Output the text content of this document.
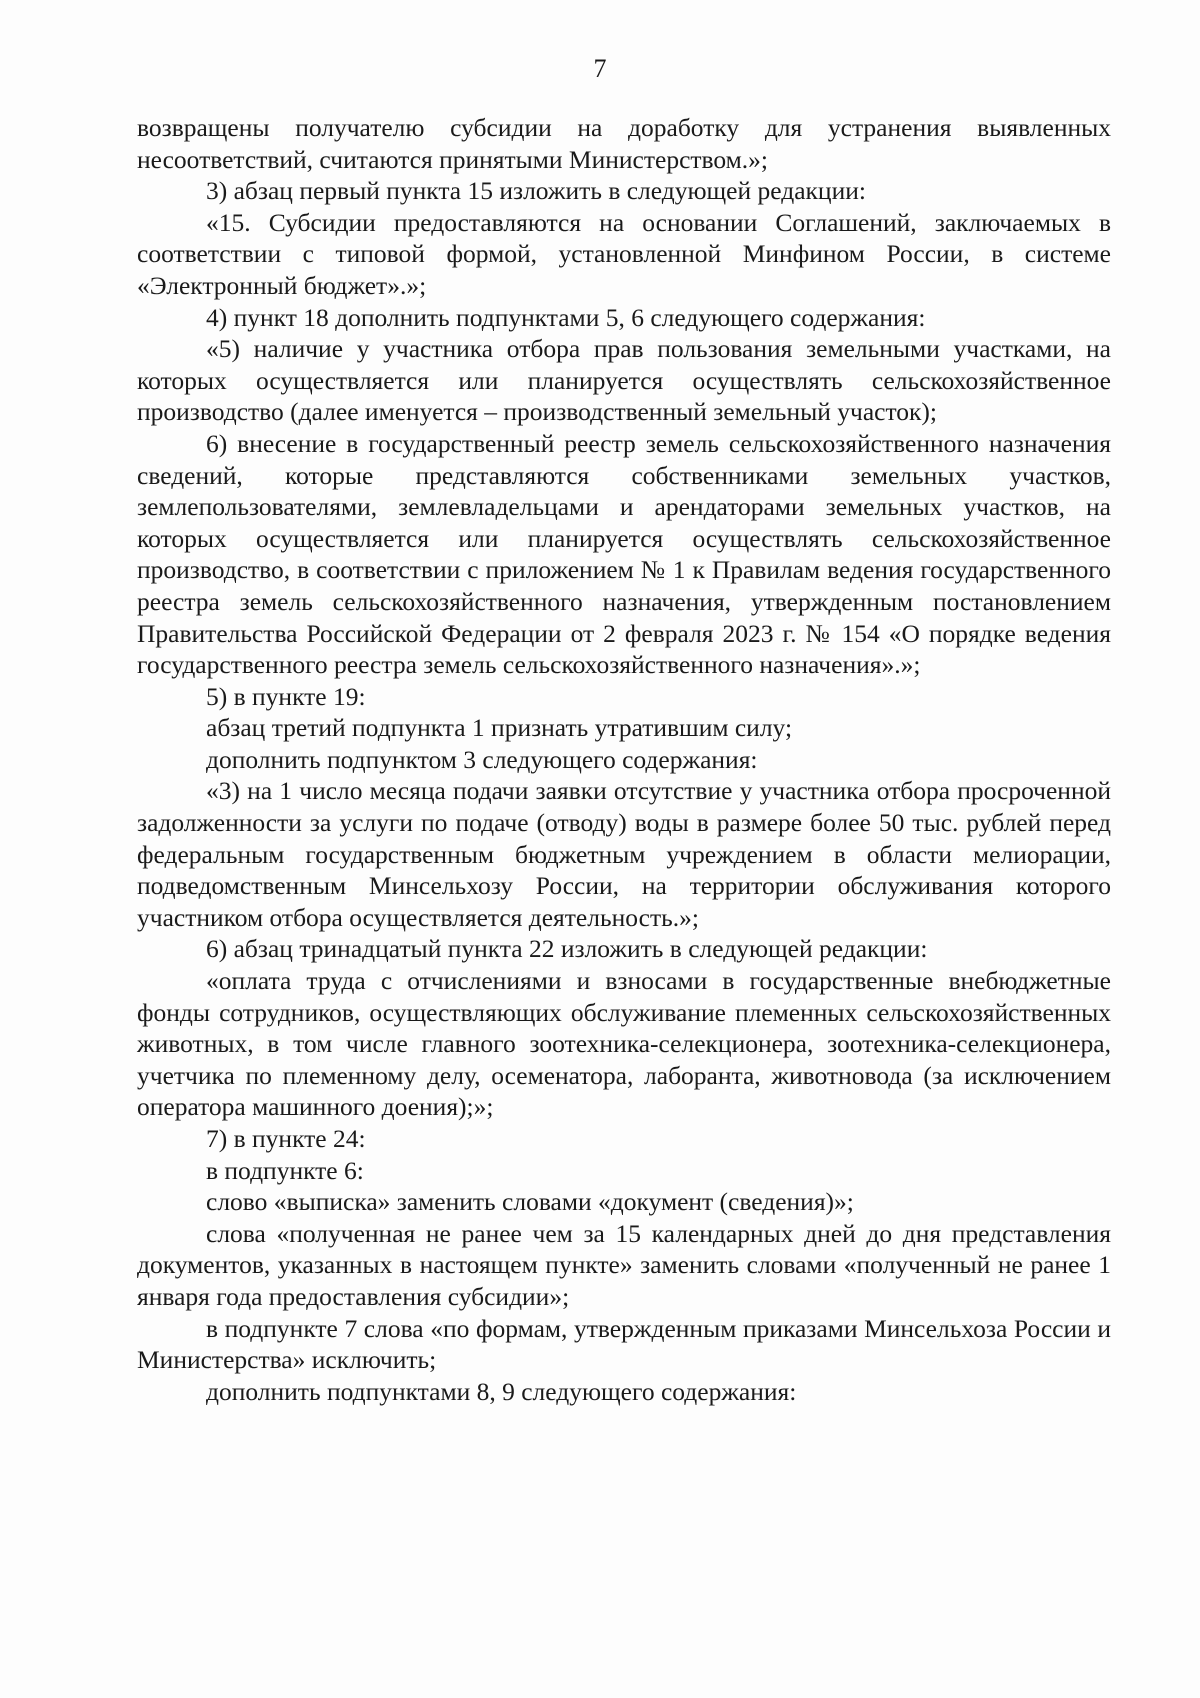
7

возвращены получателю субсидии на доработку для устранения выявленных несоответствий, считаются принятыми Министерством.»;

3) абзац первый пункта 15 изложить в следующей редакции:

«15. Субсидии предоставляются на основании Соглашений, заключаемых в соответствии с типовой формой, установленной Минфином России, в системе «Электронный бюджет».»;

4) пункт 18 дополнить подпунктами 5, 6 следующего содержания:

«5) наличие у участника отбора прав пользования земельными участками, на которых осуществляется или планируется осуществлять сельскохозяйственное производство (далее именуется – производственный земельный участок);

6) внесение в государственный реестр земель сельскохозяйственного назначения сведений, которые представляются собственниками земельных участков, землепользователями, землевладельцами и арендаторами земельных участков, на которых осуществляется или планируется осуществлять сельскохозяйственное производство, в соответствии с приложением № 1 к Правилам ведения государственного реестра земель сельскохозяйственного назначения, утвержденным постановлением Правительства Российской Федерации от 2 февраля 2023 г. № 154 «О порядке ведения государственного реестра земель сельскохозяйственного назначения».»;

5) в пункте 19:

абзац третий подпункта 1 признать утратившим силу;

дополнить подпунктом 3 следующего содержания:

«3) на 1 число месяца подачи заявки отсутствие у участника отбора просроченной задолженности за услуги по подаче (отводу) воды в размере более 50 тыс. рублей перед федеральным государственным бюджетным учреждением в области мелиорации, подведомственным Минсельхозу России, на территории обслуживания которого участником отбора осуществляется деятельность.»;

6) абзац тринадцатый пункта 22 изложить в следующей редакции:

«оплата труда с отчислениями и взносами в государственные внебюджетные фонды сотрудников, осуществляющих обслуживание племенных сельскохозяйственных животных, в том числе главного зоотехника-селекционера, зоотехника-селекционера, учетчика по племенному делу, осеменатора, лаборанта, животновода (за исключением оператора машинного доения);»;

7) в пункте 24:

в подпункте 6:

слово «выписка» заменить словами «документ (сведения)»;

слова «полученная не ранее чем за 15 календарных дней до дня представления документов, указанных в настоящем пункте» заменить словами «полученный не ранее 1 января года предоставления субсидии»;

в подпункте 7 слова «по формам, утвержденным приказами Минсельхоза России и Министерства» исключить;

дополнить подпунктами 8, 9 следующего содержания:
